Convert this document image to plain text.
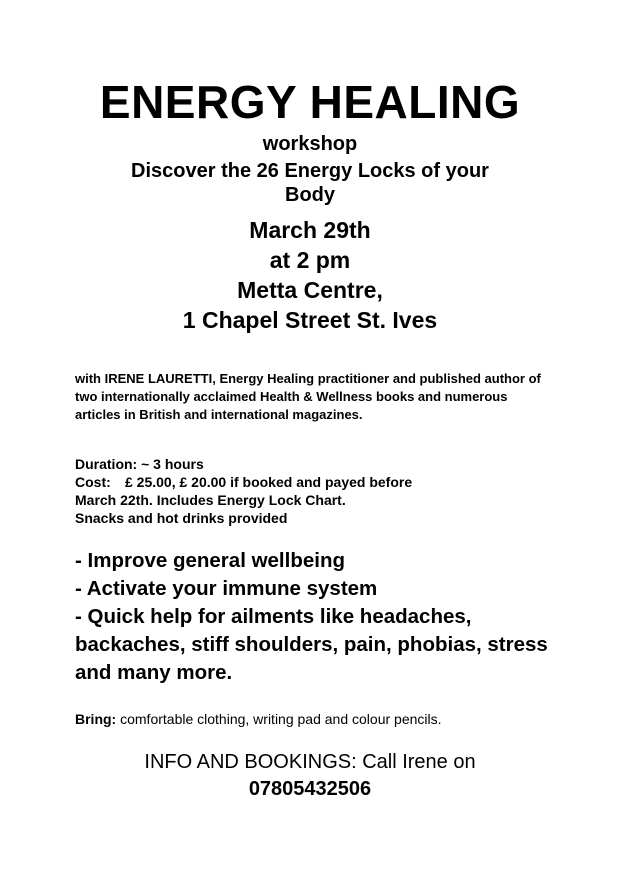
ENERGY HEALING
workshop
Discover the 26 Energy Locks of your
Body
March 29th
at 2 pm
Metta Centre,
1 Chapel Street St. Ives
with IRENE LAURETTI, Energy Healing practitioner and published author of two internationally acclaimed Health & Wellness books and numerous articles in British and international magazines.
Duration: ~ 3 hours
Cost: £ 25.00, £ 20.00 if booked and payed before
March 22th. Includes Energy Lock Chart.
Snacks and hot drinks provided
- Improve general wellbeing
- Activate your immune system
- Quick help for ailments like headaches, backaches, stiff shoulders, pain, phobias, stress and many more.
Bring: comfortable clothing, writing pad and colour pencils.
INFO AND BOOKINGS: Call Irene on
07805432506
